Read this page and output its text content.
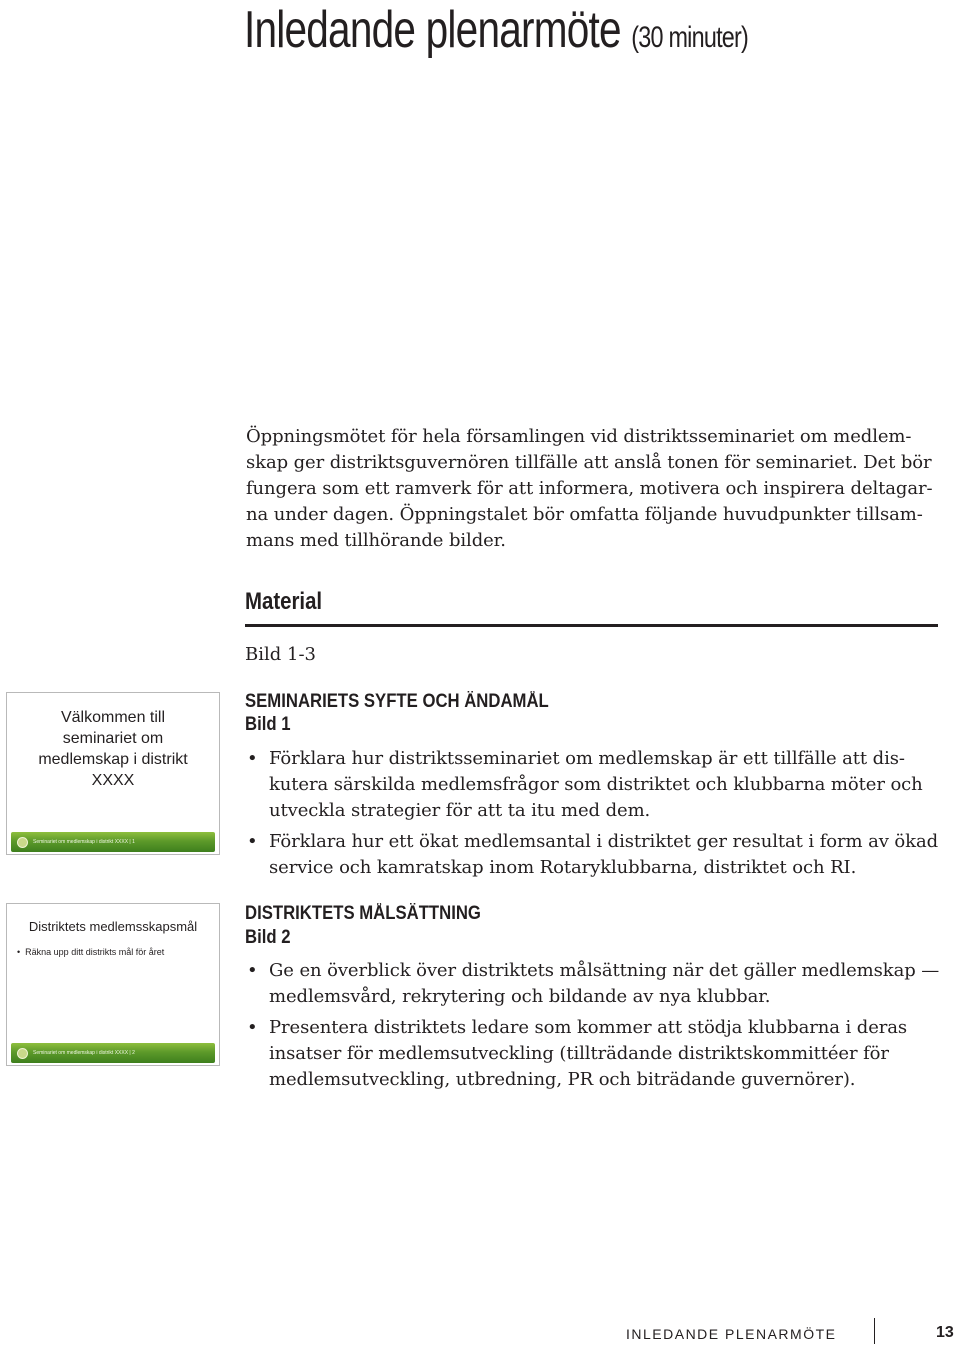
Inledande plenarmöte (30 minuter)

Öppningsmötet för hela församlingen vid distriktsseminariet om medlem-
skap ger distriktsguvernören tillfälle att anslå tonen för seminariet. Det bör
fungera som ett ramverk för att informera, motivera och inspirera deltagar-
na under dagen. Öppningstalet bör omfatta följande huvudpunkter tillsam-
mans med tillhörande bilder.

Material

Bild 1-3

Välkommen till
seminariet om
medlemskap i distrikt
XXXX
Seminariet om medlemskap i distrikt XXXX | 1
Distriktets medlemsskapsmål
• Räkna upp ditt distrikts mål för året
Seminariet om medlemskap i distrikt XXXX | 2
SEMINARIETS SYFTE OCH ÄNDAMÅL
Bild 1
• Förklara hur distriktsseminariet om medlemskap är ett tillfälle att dis-
kutera särskilda medlemsfrågor som distriktet och klubbarna möter och
utveckla strategier för att ta itu med dem.
• Förklara hur ett ökat medlemsantal i distriktet ger resultat i form av ökad
service och kamratskap inom Rotaryklubbarna, distriktet och RI.
DISTRIKTETS MÅLSÄTTNING
Bild 2
• Ge en överblick över distriktets målsättning när det gäller medlemskap —
medlemsvård, rekrytering och bildande av nya klubbar.
• Presentera distriktets ledare som kommer att stödja klubbarna i deras
insatser för medlemsutveckling (tillträdande distriktskommittéer för
medlemsutveckling, utbredning, PR och biträdande guvernörer).
INLEDANDE PLENARMÖTE	13
